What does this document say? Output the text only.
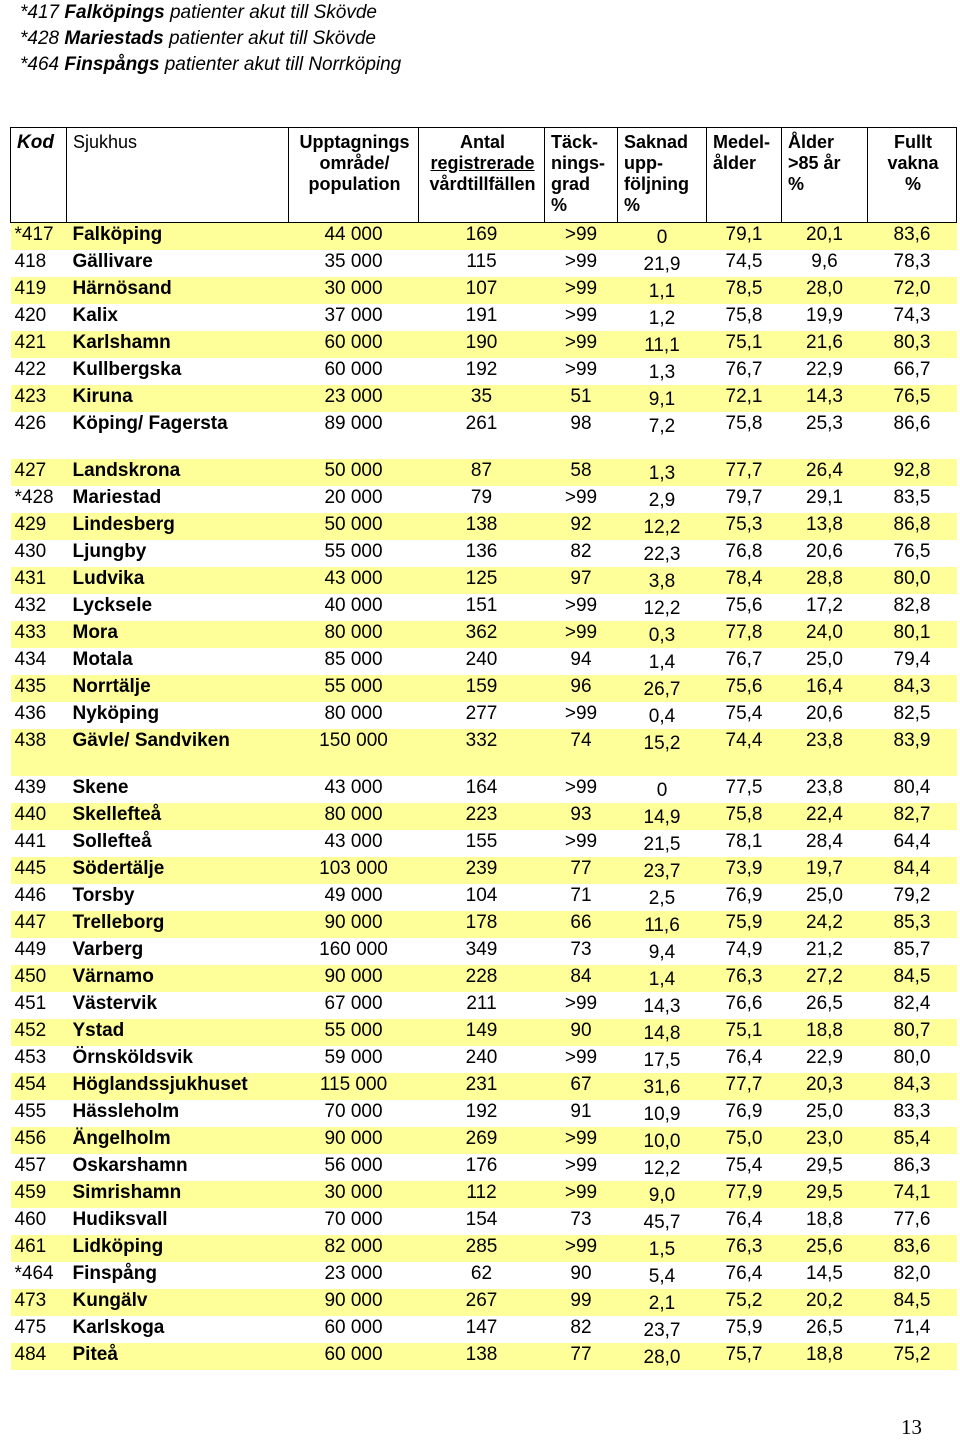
*417 Falköpings patienter akut till Skövde
*428 Mariestads patienter akut till Skövde
*464 Finspångs patienter akut till Norrköping
Kod	Sjukhus	Upptagnings
område/
population	Antal
registrerade
vårdtillfällen	Täck-
nings-
grad
%	Saknad
upp-
följning
%	Medel-
ålder	Ålder
>85 år
%	Fullt
vakna
%

*417	Falköping	44 000	169	>99	0	79,1	20,1	83,6
418	Gällivare	35 000	115	>99	21,9	74,5	9,6	78,3
419	Härnösand	30 000	107	>99	1,1	78,5	28,0	72,0
420	Kalix	37 000	191	>99	1,2	75,8	19,9	74,3
421	Karlshamn	60 000	190	>99	11,1	75,1	21,6	80,3
422	Kullbergska	60 000	192	>99	1,3	76,7	22,9	66,7
423	Kiruna	23 000	35	51	9,1	72,1	14,3	76,5
426	Köping/ Fagersta	89 000	261	98	7,2	75,8	25,3	86,6
427	Landskrona	50 000	87	58	1,3	77,7	26,4	92,8
*428	Mariestad	20 000	79	>99	2,9	79,7	29,1	83,5
429	Lindesberg	50 000	138	92	12,2	75,3	13,8	86,8
430	Ljungby	55 000	136	82	22,3	76,8	20,6	76,5
431	Ludvika	43 000	125	97	3,8	78,4	28,8	80,0
432	Lycksele	40 000	151	>99	12,2	75,6	17,2	82,8
433	Mora	80 000	362	>99	0,3	77,8	24,0	80,1
434	Motala	85 000	240	94	1,4	76,7	25,0	79,4
435	Norrtälje	55 000	159	96	26,7	75,6	16,4	84,3
436	Nyköping	80 000	277	>99	0,4	75,4	20,6	82,5
438	Gävle/ Sandviken	150 000	332	74	15,2	74,4	23,8	83,9
439	Skene	43 000	164	>99	0	77,5	23,8	80,4
440	Skellefteå	80 000	223	93	14,9	75,8	22,4	82,7
441	Sollefteå	43 000	155	>99	21,5	78,1	28,4	64,4
445	Södertälje	103 000	239	77	23,7	73,9	19,7	84,4
446	Torsby	49 000	104	71	2,5	76,9	25,0	79,2
447	Trelleborg	90 000	178	66	11,6	75,9	24,2	85,3
449	Varberg	160 000	349	73	9,4	74,9	21,2	85,7
450	Värnamo	90 000	228	84	1,4	76,3	27,2	84,5
451	Västervik	67 000	211	>99	14,3	76,6	26,5	82,4
452	Ystad	55 000	149	90	14,8	75,1	18,8	80,7
453	Örnsköldsvik	59 000	240	>99	17,5	76,4	22,9	80,0
454	Höglandssjukhuset	115 000	231	67	31,6	77,7	20,3	84,3
455	Hässleholm	70 000	192	91	10,9	76,9	25,0	83,3
456	Ängelholm	90 000	269	>99	10,0	75,0	23,0	85,4
457	Oskarshamn	56 000	176	>99	12,2	75,4	29,5	86,3
459	Simrishamn	30 000	112	>99	9,0	77,9	29,5	74,1
460	Hudiksvall	70 000	154	73	45,7	76,4	18,8	77,6
461	Lidköping	82 000	285	>99	1,5	76,3	25,6	83,6
*464	Finspång	23 000	62	90	5,4	76,4	14,5	82,0
473	Kungälv	90 000	267	99	2,1	75,2	20,2	84,5
475	Karlskoga	60 000	147	82	23,7	75,9	26,5	71,4
484	Piteå	60 000	138	77	28,0	75,7	18,8	75,2
13
